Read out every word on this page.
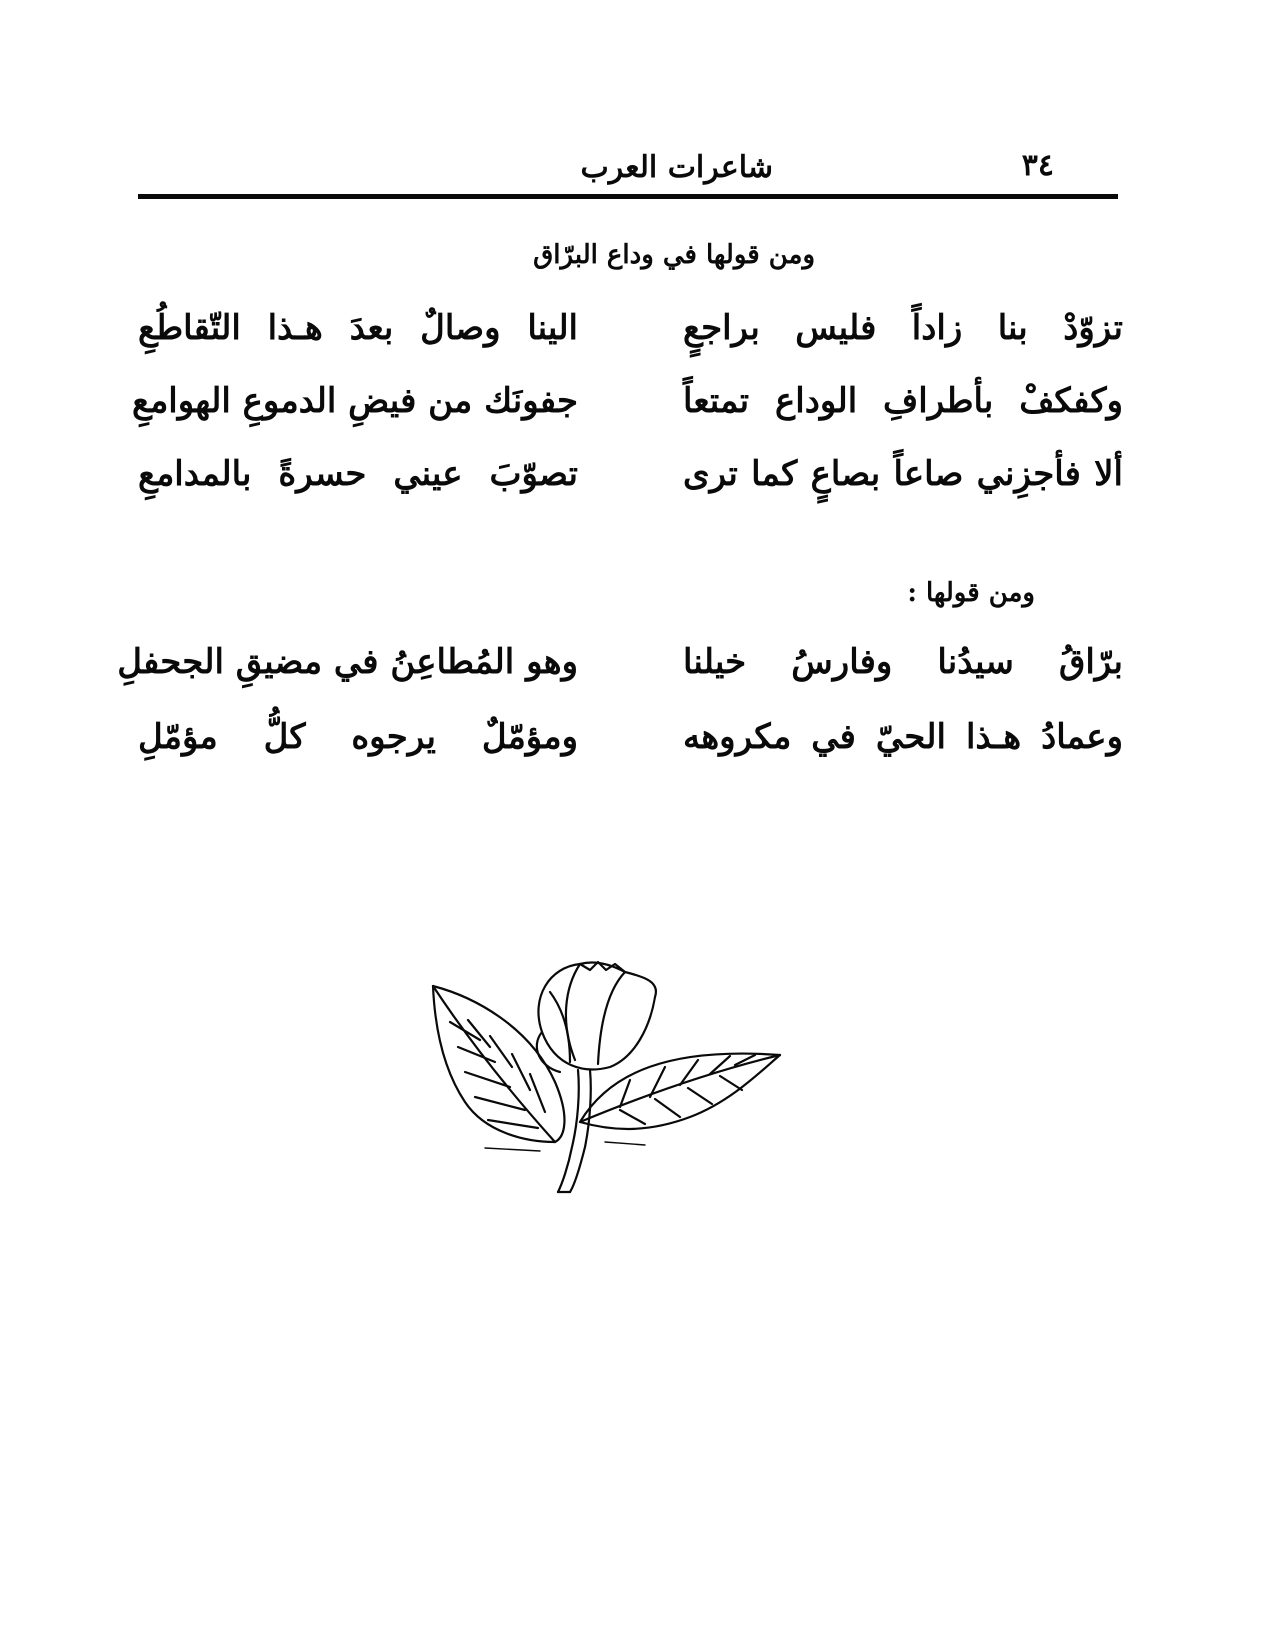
شاعرات العرب	٣٤
ومن قولها في وداع البرّاق
تزوّدْ بنا زاداً فليس براجعٍ
الينا وصالٌ بعدَ هـذا التّقاطُعِ
وكفكفْ بأطرافِ الوداع تمتعاً
جفونَك من فيضِ الدموعِ الهوامعِ
ألا فأجزِني صاعاً بصاعٍ كما ترى
تصوّبَ عيني حسرةً بالمدامعِ
ومن قولها :
برّاقُ سيدُنا وفارسُ خيلنا
وهو المُطاعِنُ في مضيقِ الجحفلِ
وعمادُ هـذا الحيّ في مكروهه
ومؤمّلٌ يرجوه كلُّ مؤمّلِ
